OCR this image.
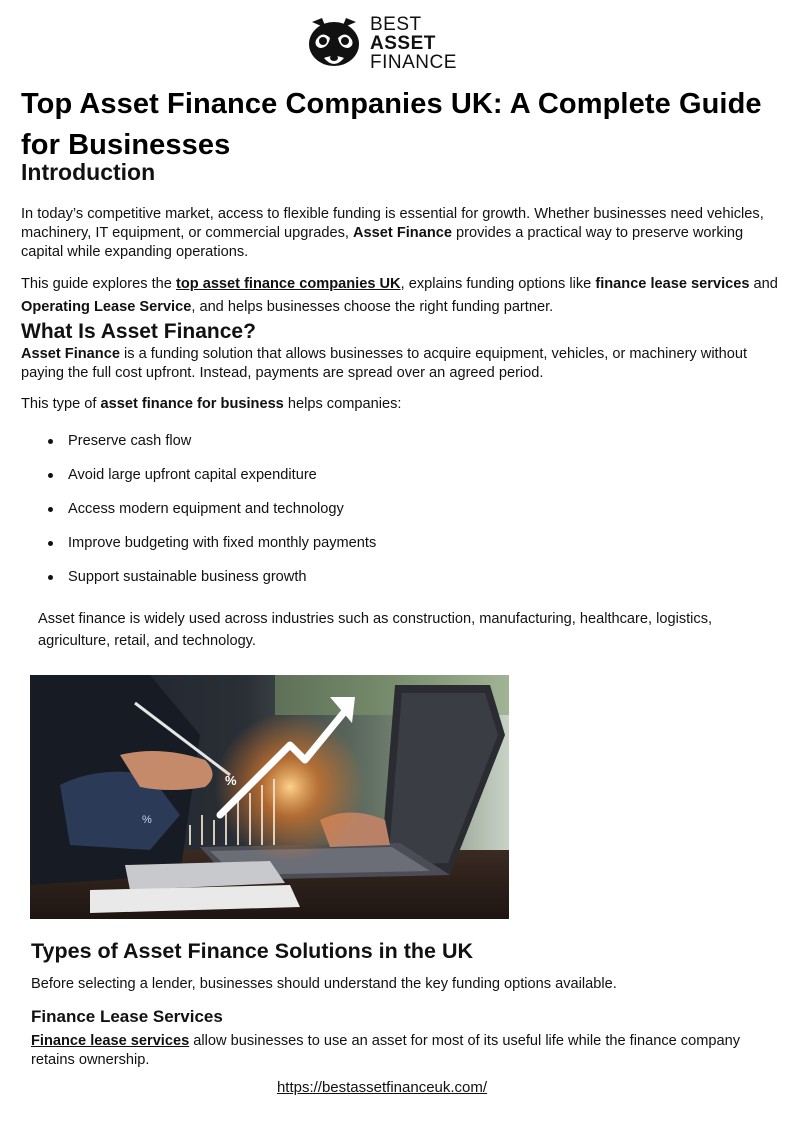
BEST
ASSET
FINANCE
Top Asset Finance Companies UK: A Complete Guide for Businesses
Introduction

In today’s competitive market, access to flexible funding is essential for growth. Whether businesses need vehicles, machinery, IT equipment, or commercial upgrades, Asset Finance provides a practical way to preserve working capital while expanding operations.

This guide explores the top asset finance companies UK, explains funding options like finance lease services and Operating Lease Service, and helps businesses choose the right funding partner.

What Is Asset Finance?

Asset Finance is a funding solution that allows businesses to acquire equipment, vehicles, or machinery without paying the full cost upfront. Instead, payments are spread over an agreed period.

This type of asset finance for business helps companies:

Preserve cash flow
Avoid large upfront capital expenditure
Access modern equipment and technology
Improve budgeting with fixed monthly payments
Support sustainable business growth

Asset finance is widely used across industries such as construction, manufacturing, healthcare, logistics, agriculture, retail, and technology.

%
%
Types of Asset Finance Solutions in the UK

Before selecting a lender, businesses should understand the key funding options available.

Finance Lease Services

Finance lease services allow businesses to use an asset for most of its useful life while the finance company retains ownership.

https://bestassetfinanceuk.com/
